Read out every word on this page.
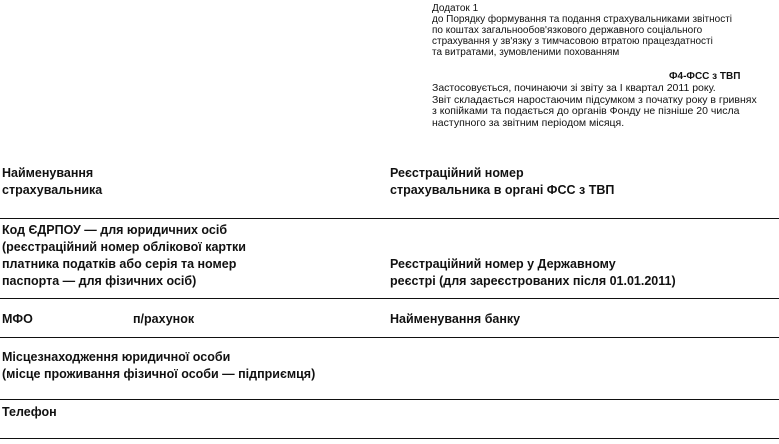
Додаток 1
до Порядку формування та подання страхувальниками звітності
по коштах загальнообов'язкового державного соціального
страхування у зв'язку з тимчасовою втратою працездатності
та витратами, зумовленими похованням
Ф4-ФСС з ТВП
Застосовується, починаючи зі звіту за І квартал 2011 року.
Звіт складається наростаючим підсумком з початку року в гривнях
з копійками та подається до органів Фонду не пізніше 20 числа
наступного за звітним періодом місяця.
Найменування
страхувальника
Реєстраційний номер
страхувальника в органі ФСС з ТВП
Код ЄДРПОУ — для юридичних осіб
(реєстраційний номер облікової картки
платника податків або серія та номер
паспорта — для фізичних осіб)
Реєстраційний номер у Державному
реєстрі (для зареєстрованих після 01.01.2011)
МФО	п/рахунок	Найменування банку
Місцезнаходження юридичної особи
(місце проживання фізичної особи — підприємця)
Телефон
